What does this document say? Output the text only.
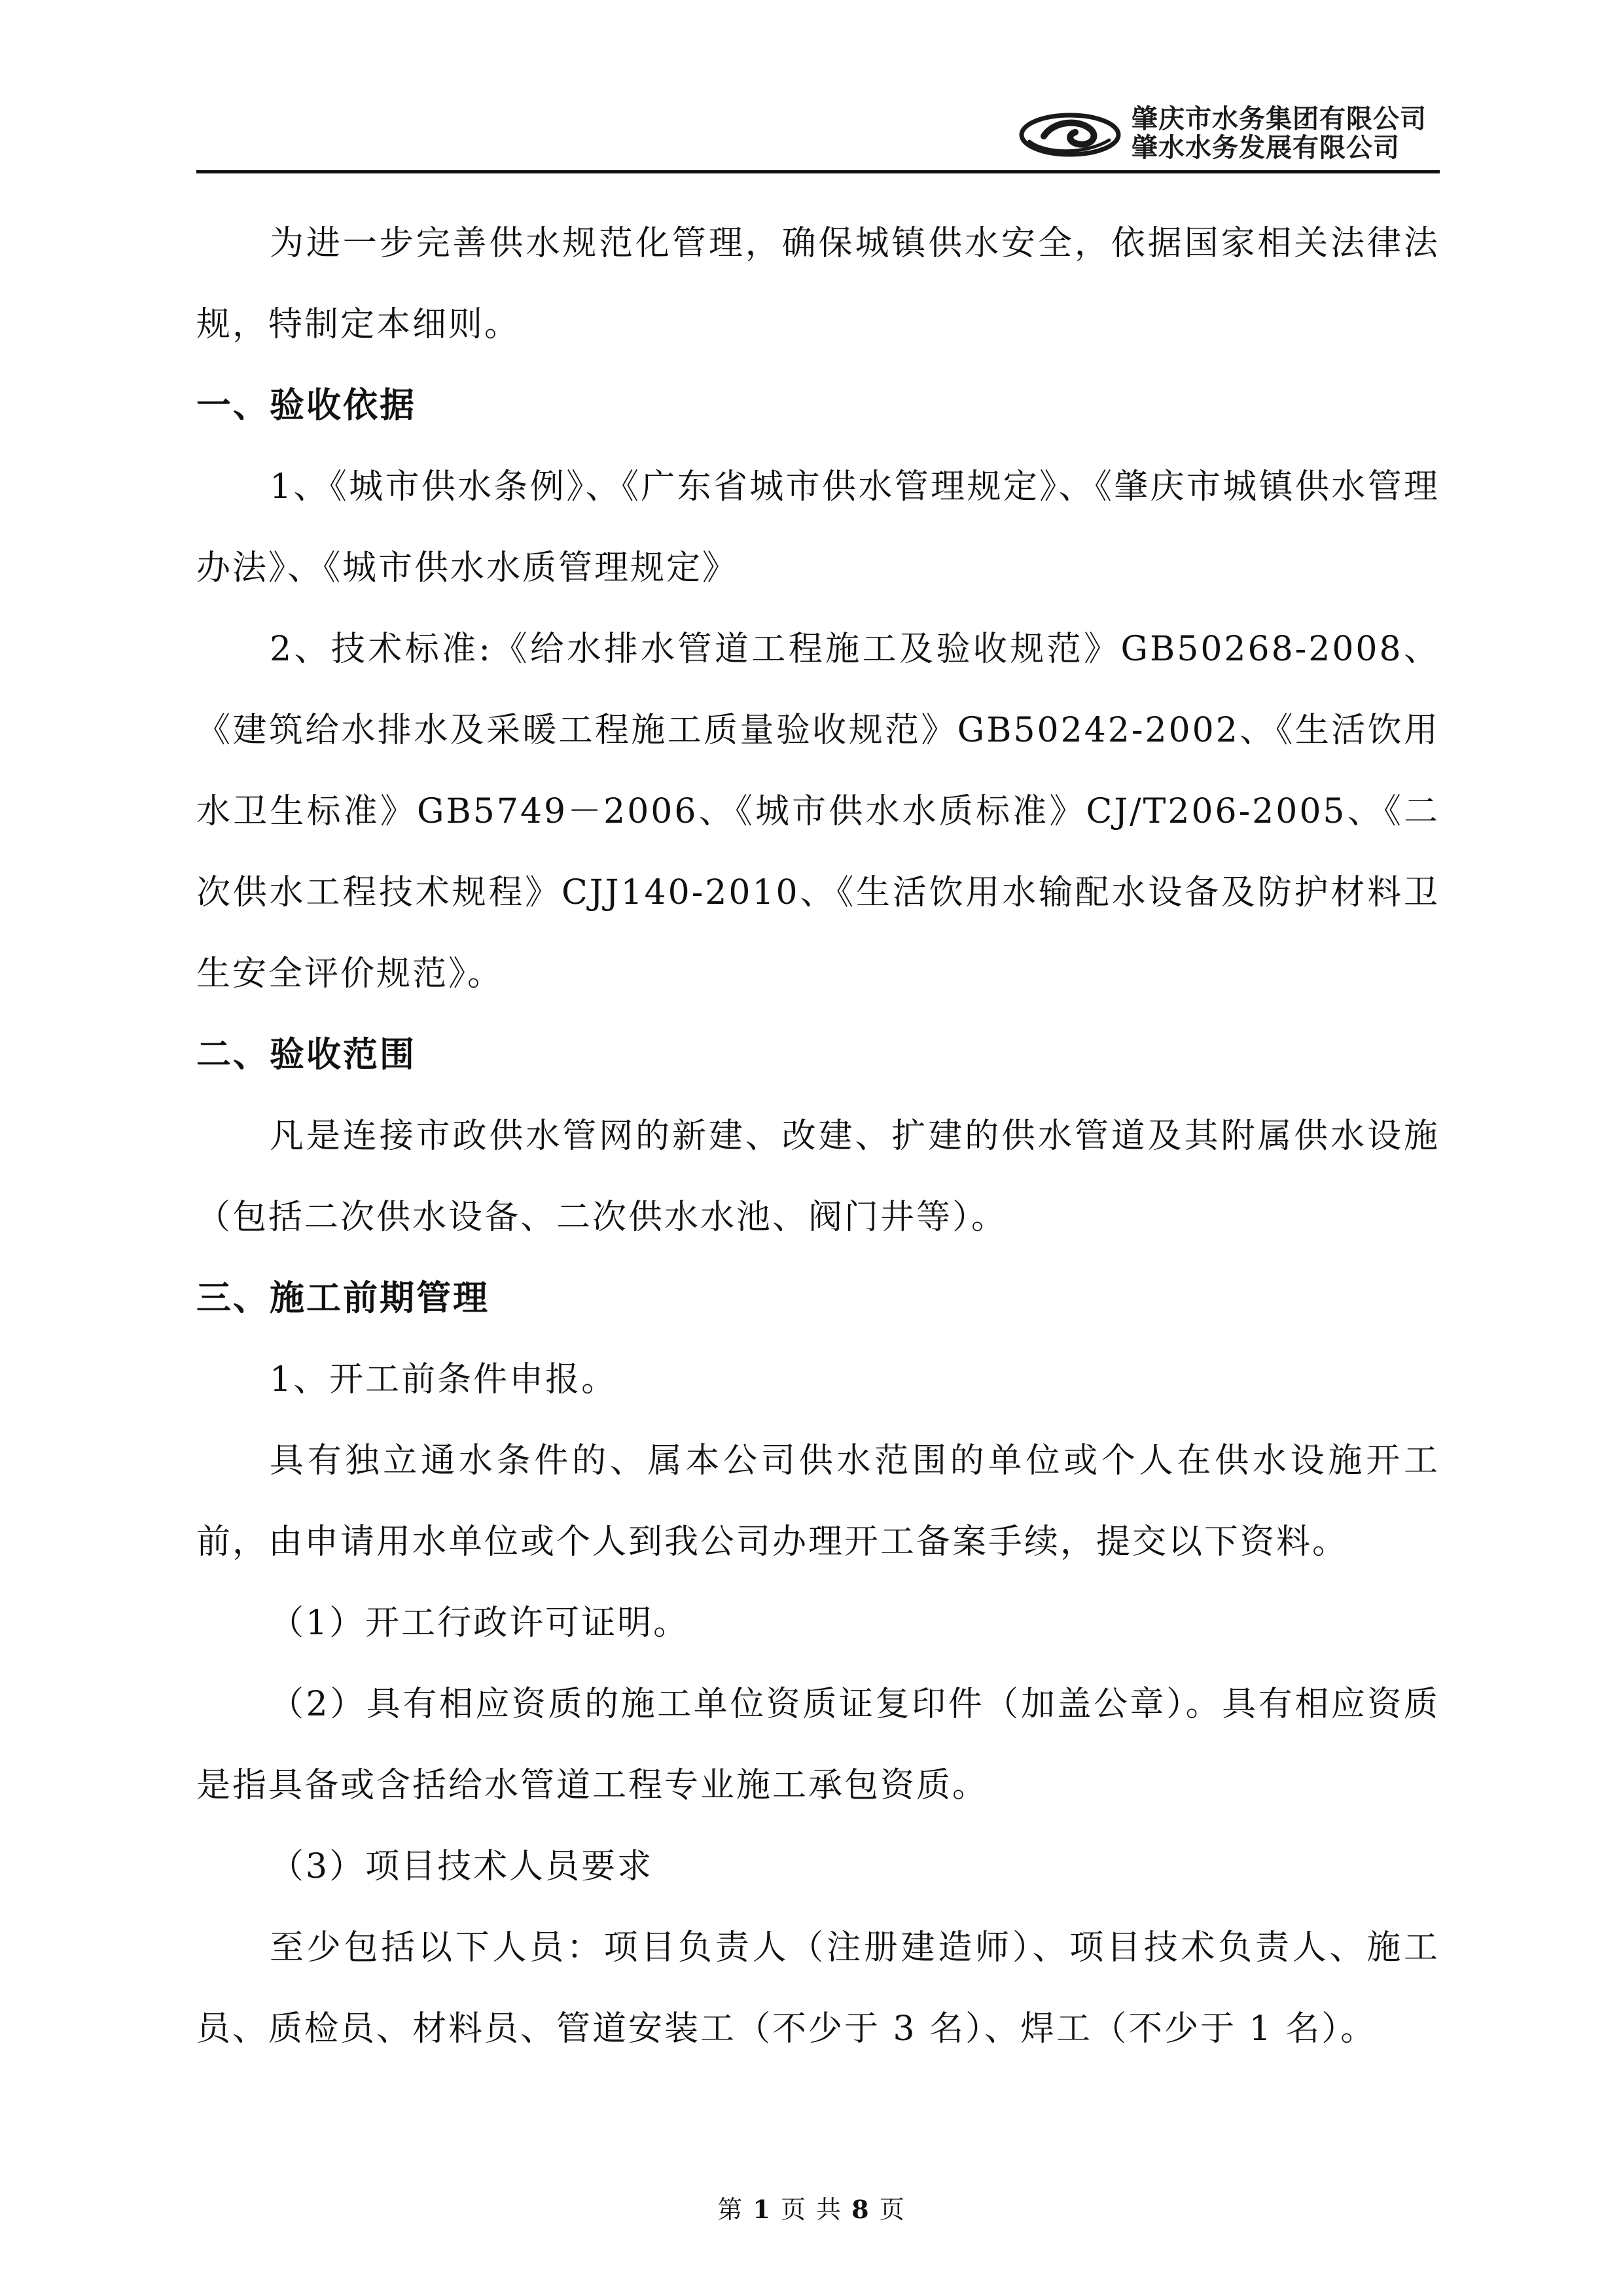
肇庆市水务集团有限公司
肇水水务发展有限公司

为进一步完善供水规范化管理，确保城镇供水安全，依据国家相关法律法规，特制定本细则。

一、验收依据

1、《城市供水条例》、《广东省城市供水管理规定》、《肇庆市城镇供水管理办法》、《城市供水水质管理规定》

2、技术标准:《给水排水管道工程施工及验收规范》GB50268-2008、《建筑给水排水及采暖工程施工质量验收规范》GB50242-2002、《生活饮用水卫生标准》GB5749－2006、《城市供水水质标准》CJ/T206-2005、《二次供水工程技术规程》CJJ140-2010、《生活饮用水输配水设备及防护材料卫生安全评价规范》。

二、验收范围

凡是连接市政供水管网的新建、改建、扩建的供水管道及其附属供水设施（包括二次供水设备、二次供水水池、阀门井等）。

三、施工前期管理

1、开工前条件申报。

具有独立通水条件的、属本公司供水范围的单位或个人在供水设施开工前，由申请用水单位或个人到我公司办理开工备案手续，提交以下资料。

（1）开工行政许可证明。

（2）具有相应资质的施工单位资质证复印件（加盖公章）。具有相应资质是指具备或含括给水管道工程专业施工承包资质。

（3）项目技术人员要求

至少包括以下人员：项目负责人（注册建造师）、项目技术负责人、施工员、质检员、材料员、管道安装工（不少于 3 名）、焊工（不少于 1 名）。

第 1 页 共 8 页
